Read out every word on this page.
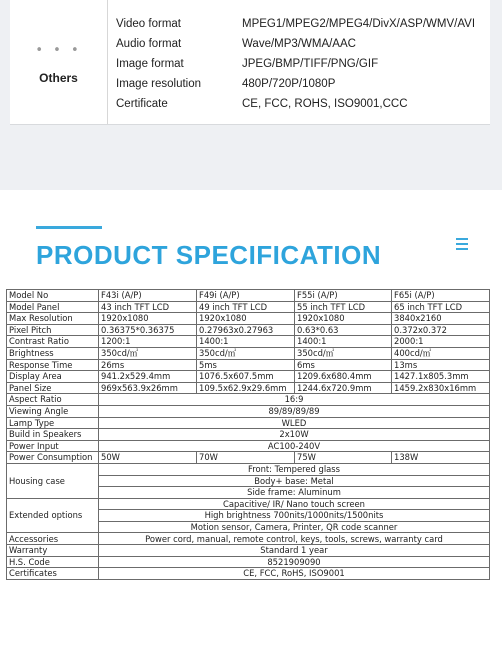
• • •
Others
Video format	MPEG1/MPEG2/MPEG4/DivX/ASP/WMV/AVI
Audio format	Wave/MP3/WMA/AAC
Image format	JPEG/BMP/TIFF/PNG/GIF
Image resolution	480P/720P/1080P
Certificate	CE, FCC, ROHS, ISO9001,CCC
PRODUCT SPECIFICATION
Model No	F43i (A/P)	F49i (A/P)	F55i (A/P)	F65i (A/P)
Model Panel	43 inch TFT LCD	49 inch TFT LCD	55 inch TFT LCD	65 inch TFT LCD
Max Resolution	1920x1080	1920x1080	1920x1080	3840x2160
Pixel Pitch	0.36375*0.36375	0.27963x0.27963	0.63*0.63	0.372x0.372
Contrast Ratio	1200:1	1400:1	1400:1	2000:1
Brightness	350cd/㎡	350cd/㎡	350cd/㎡	400cd/㎡
Response Time	26ms	5ms	6ms	13ms
Display Area	941.2x529.4mm	1076.5x607.5mm	1209.6x680.4mm	1427.1x805.3mm
Panel Size	969x563.9x26mm	109.5x62.9x29.6mm	1244.6x720.9mm	1459.2x830x16mm
Aspect Ratio	16:9			
Viewing Angle	89/89/89/89			
Lamp Type	WLED			
Build in Speakers	2x10W			
Power Input	AC100-240V			
Power Consumption	50W	70W	75W	138W
Housing case	Front: Tempered glass			
	Body+ base: Metal			
	Side frame: Aluminum			
Extended options	Capacitive/ IR/ Nano touch screen			
	High brightness 700nits/1000nits/1500nits			
	Motion sensor, Camera, Printer, QR code scanner			
Accessories	Power cord, manual, remote control, keys, tools, screws, warranty card			
Warranty	Standard 1 year			
H.S. Code	8521909090			
Certificates	CE, FCC, RoHS, ISO9001			
